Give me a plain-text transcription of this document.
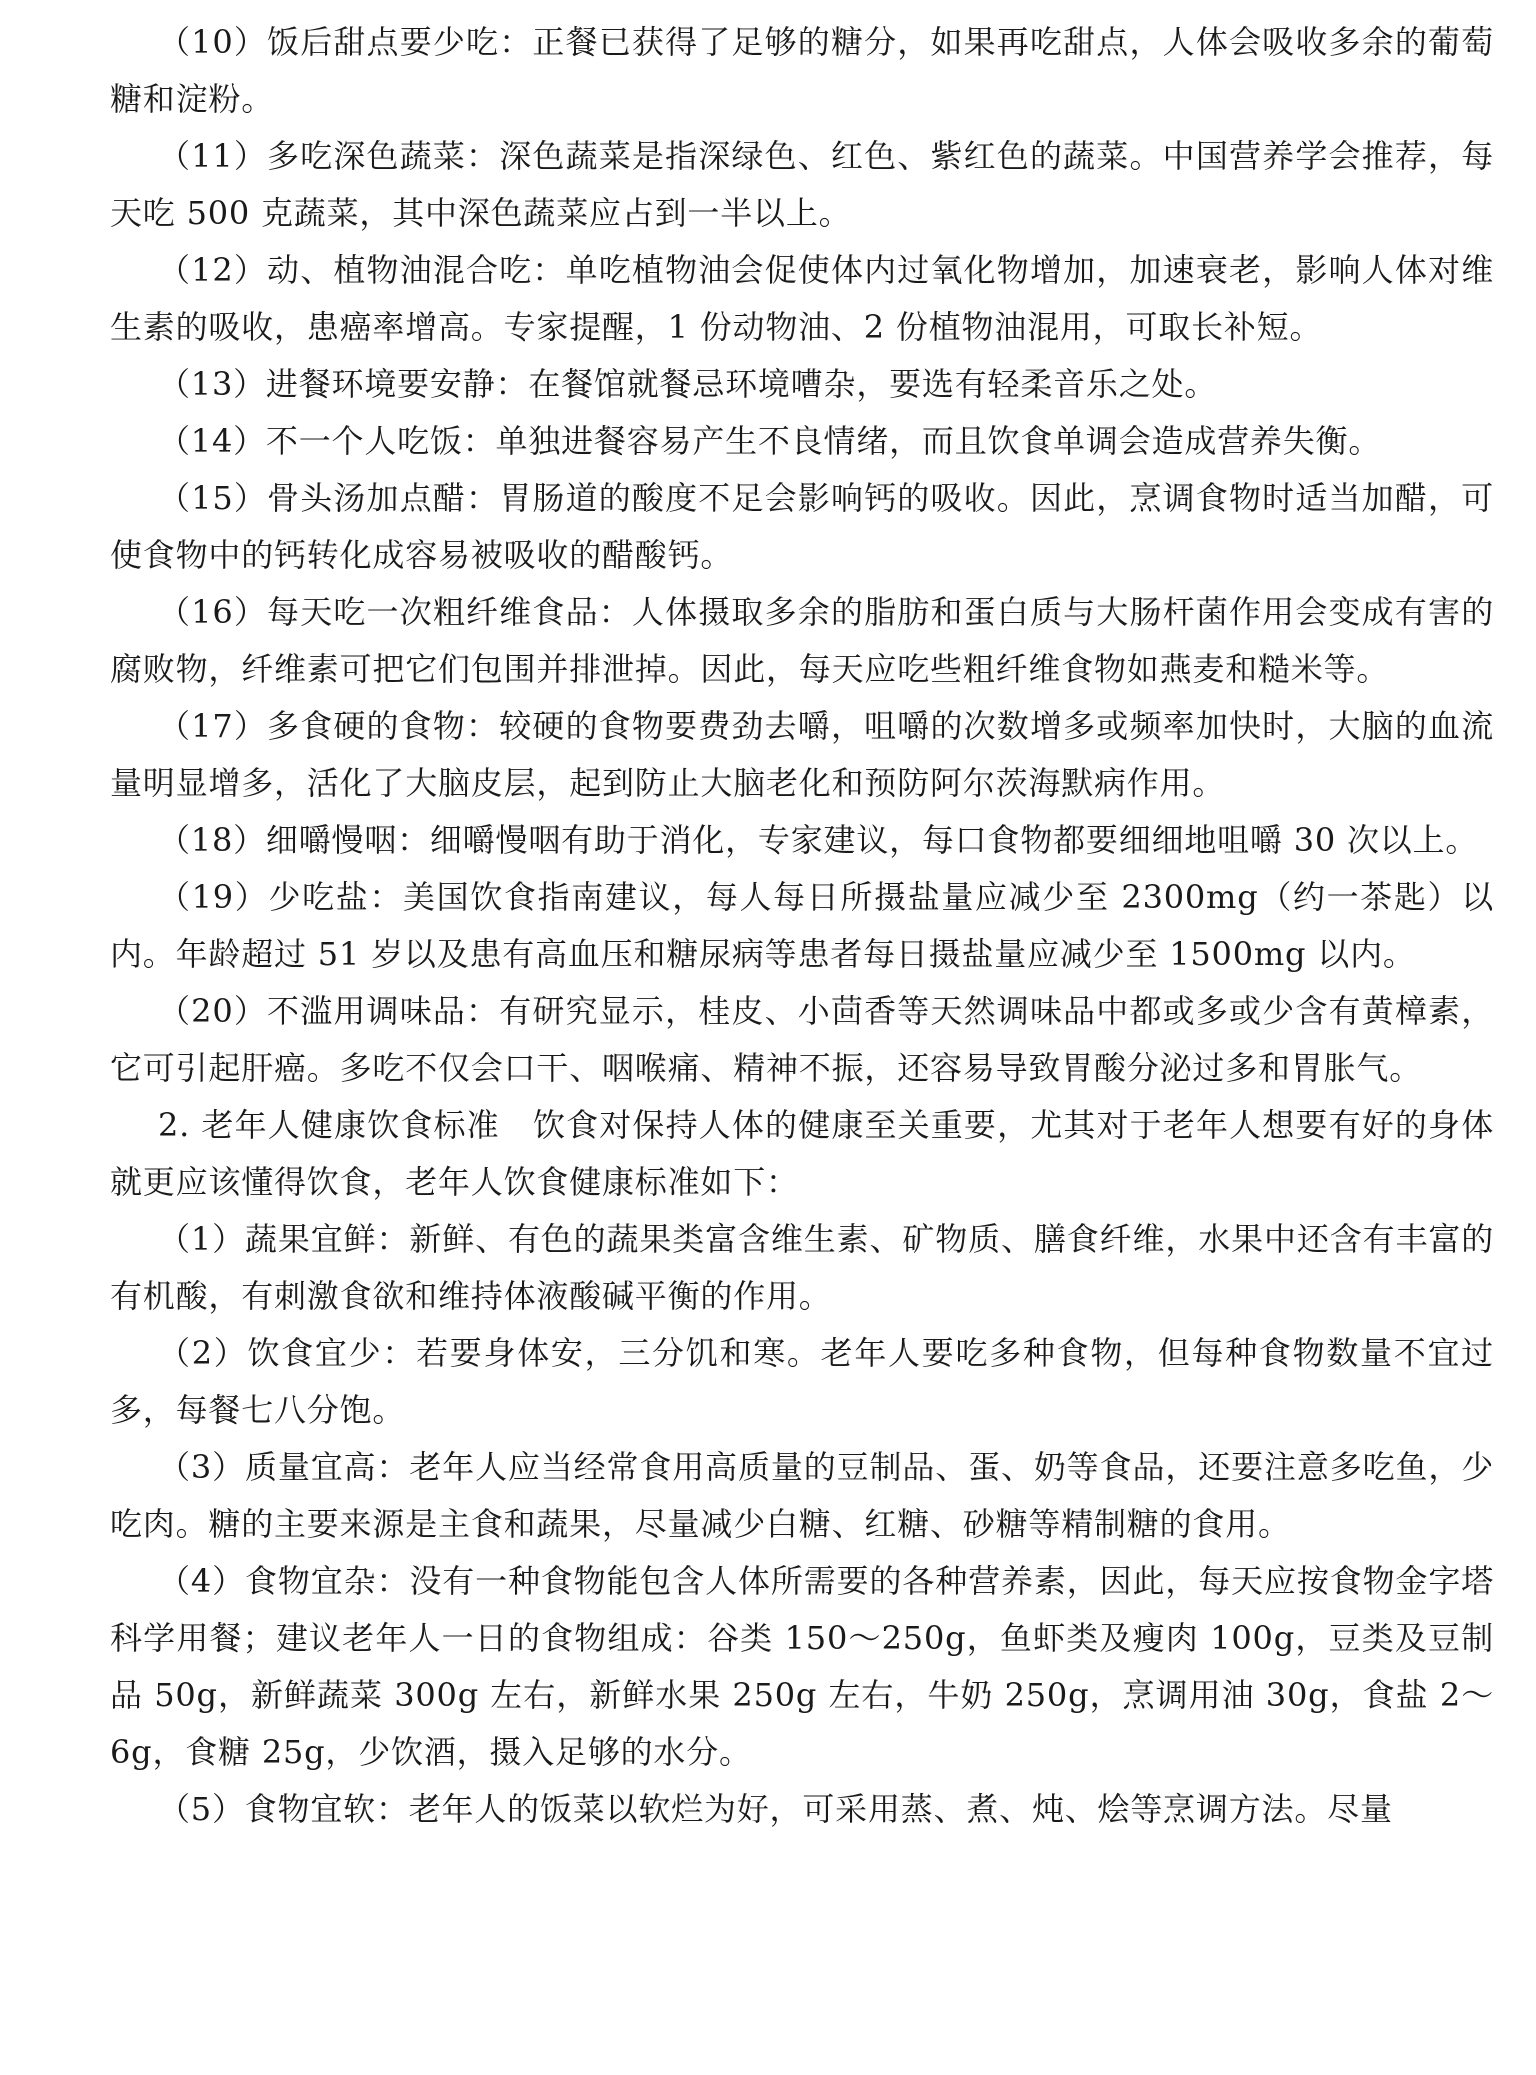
（10）饭后甜点要少吃：正餐已获得了足够的糖分，如果再吃甜点，人体会吸收多余的葡萄糖和淀粉。

（11）多吃深色蔬菜：深色蔬菜是指深绿色、红色、紫红色的蔬菜。中国营养学会推荐，每天吃 500 克蔬菜，其中深色蔬菜应占到一半以上。

（12）动、植物油混合吃：单吃植物油会促使体内过氧化物增加，加速衰老，影响人体对维生素的吸收，患癌率增高。专家提醒，1 份动物油、2 份植物油混用，可取长补短。

（13）进餐环境要安静：在餐馆就餐忌环境嘈杂，要选有轻柔音乐之处。

（14）不一个人吃饭：单独进餐容易产生不良情绪，而且饮食单调会造成营养失衡。

（15）骨头汤加点醋：胃肠道的酸度不足会影响钙的吸收。因此，烹调食物时适当加醋，可使食物中的钙转化成容易被吸收的醋酸钙。

（16）每天吃一次粗纤维食品：人体摄取多余的脂肪和蛋白质与大肠杆菌作用会变成有害的腐败物，纤维素可把它们包围并排泄掉。因此，每天应吃些粗纤维食物如燕麦和糙米等。

（17）多食硬的食物：较硬的食物要费劲去嚼，咀嚼的次数增多或频率加快时，大脑的血流量明显增多，活化了大脑皮层，起到防止大脑老化和预防阿尔茨海默病作用。

（18）细嚼慢咽：细嚼慢咽有助于消化，专家建议，每口食物都要细细地咀嚼 30 次以上。

（19）少吃盐：美国饮食指南建议，每人每日所摄盐量应减少至 2300mg（约一茶匙）以内。年龄超过 51 岁以及患有高血压和糖尿病等患者每日摄盐量应减少至 1500mg 以内。

（20）不滥用调味品：有研究显示，桂皮、小茴香等天然调味品中都或多或少含有黄樟素，它可引起肝癌。多吃不仅会口干、咽喉痛、精神不振，还容易导致胃酸分泌过多和胃胀气。

2. 老年人健康饮食标准　饮食对保持人体的健康至关重要，尤其对于老年人想要有好的身体就更应该懂得饮食，老年人饮食健康标准如下：

（1）蔬果宜鲜：新鲜、有色的蔬果类富含维生素、矿物质、膳食纤维，水果中还含有丰富的有机酸，有刺激食欲和维持体液酸碱平衡的作用。

（2）饮食宜少：若要身体安，三分饥和寒。老年人要吃多种食物，但每种食物数量不宜过多，每餐七八分饱。

（3）质量宜高：老年人应当经常食用高质量的豆制品、蛋、奶等食品，还要注意多吃鱼，少吃肉。糖的主要来源是主食和蔬果，尽量减少白糖、红糖、砂糖等精制糖的食用。

（4）食物宜杂：没有一种食物能包含人体所需要的各种营养素，因此，每天应按食物金字塔科学用餐；建议老年人一日的食物组成：谷类 150～250g，鱼虾类及瘦肉 100g，豆类及豆制品 50g，新鲜蔬菜 300g 左右，新鲜水果 250g 左右，牛奶 250g，烹调用油 30g，食盐 2～6g，食糖 25g，少饮酒，摄入足够的水分。

（5）食物宜软：老年人的饭菜以软烂为好，可采用蒸、煮、炖、烩等烹调方法。尽量
